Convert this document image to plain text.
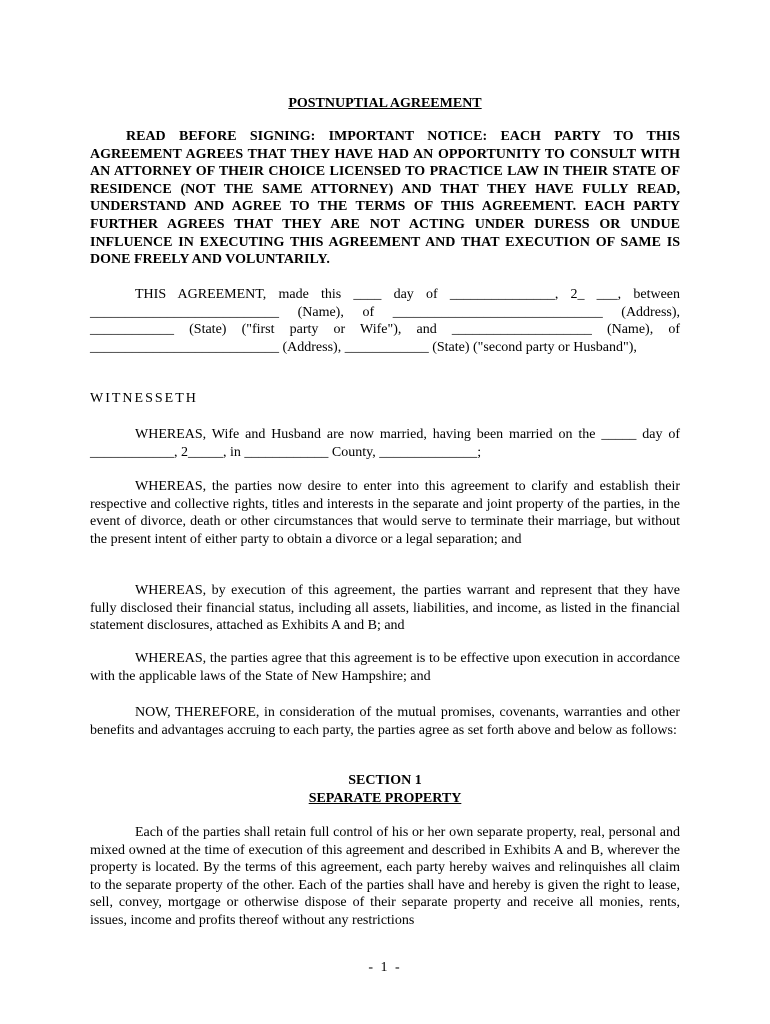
POSTNUPTIAL AGREEMENT
READ BEFORE SIGNING: IMPORTANT NOTICE: EACH PARTY TO THIS AGREEMENT AGREES THAT THEY HAVE HAD AN OPPORTUNITY TO CONSULT WITH AN ATTORNEY OF THEIR CHOICE LICENSED TO PRACTICE LAW IN THEIR STATE OF RESIDENCE (NOT THE SAME ATTORNEY) AND THAT THEY HAVE FULLY READ, UNDERSTAND AND AGREE TO THE TERMS OF THIS AGREEMENT. EACH PARTY FURTHER AGREES THAT THEY ARE NOT ACTING UNDER DURESS OR UNDUE INFLUENCE IN EXECUTING THIS AGREEMENT AND THAT EXECUTION OF SAME IS DONE FREELY AND VOLUNTARILY.
THIS AGREEMENT, made this ____ day of _______________, 2_ ___, between ___________________________ (Name), of ______________________________ (Address), ____________ (State) ("first party or Wife"), and ____________________ (Name), of ___________________________ (Address), ____________ (State) ("second party or Husband"),
WITNESSETH
WHEREAS, Wife and Husband are now married, having been married on the _____ day of ____________, 2_____, in ____________ County, ______________;
WHEREAS, the parties now desire to enter into this agreement to clarify and establish their respective and collective rights, titles and interests in the separate and joint property of the parties, in the event of divorce, death or other circumstances that would serve to terminate their marriage, but without the present intent of either party to obtain a divorce or a legal separation; and
WHEREAS, by execution of this agreement, the parties warrant and represent that they have fully disclosed their financial status, including all assets, liabilities, and income, as listed in the financial statement disclosures, attached as Exhibits A and B; and
WHEREAS, the parties agree that this agreement is to be effective upon execution in accordance with the applicable laws of the State of New Hampshire; and
NOW, THEREFORE, in consideration of the mutual promises, covenants, warranties and other benefits and advantages accruing to each party, the parties agree as set forth above and below as follows:
SECTION 1
SEPARATE PROPERTY
Each of the parties shall retain full control of his or her own separate property, real, personal and mixed owned at the time of execution of this agreement and described in Exhibits A and B, wherever the property is located. By the terms of this agreement, each party hereby waives and relinquishes all claim to the separate property of the other. Each of the parties shall have and hereby is given the right to lease, sell, convey, mortgage or otherwise dispose of their separate property and receive all monies, rents, issues, income and profits thereof without any restrictions
- 1 -
